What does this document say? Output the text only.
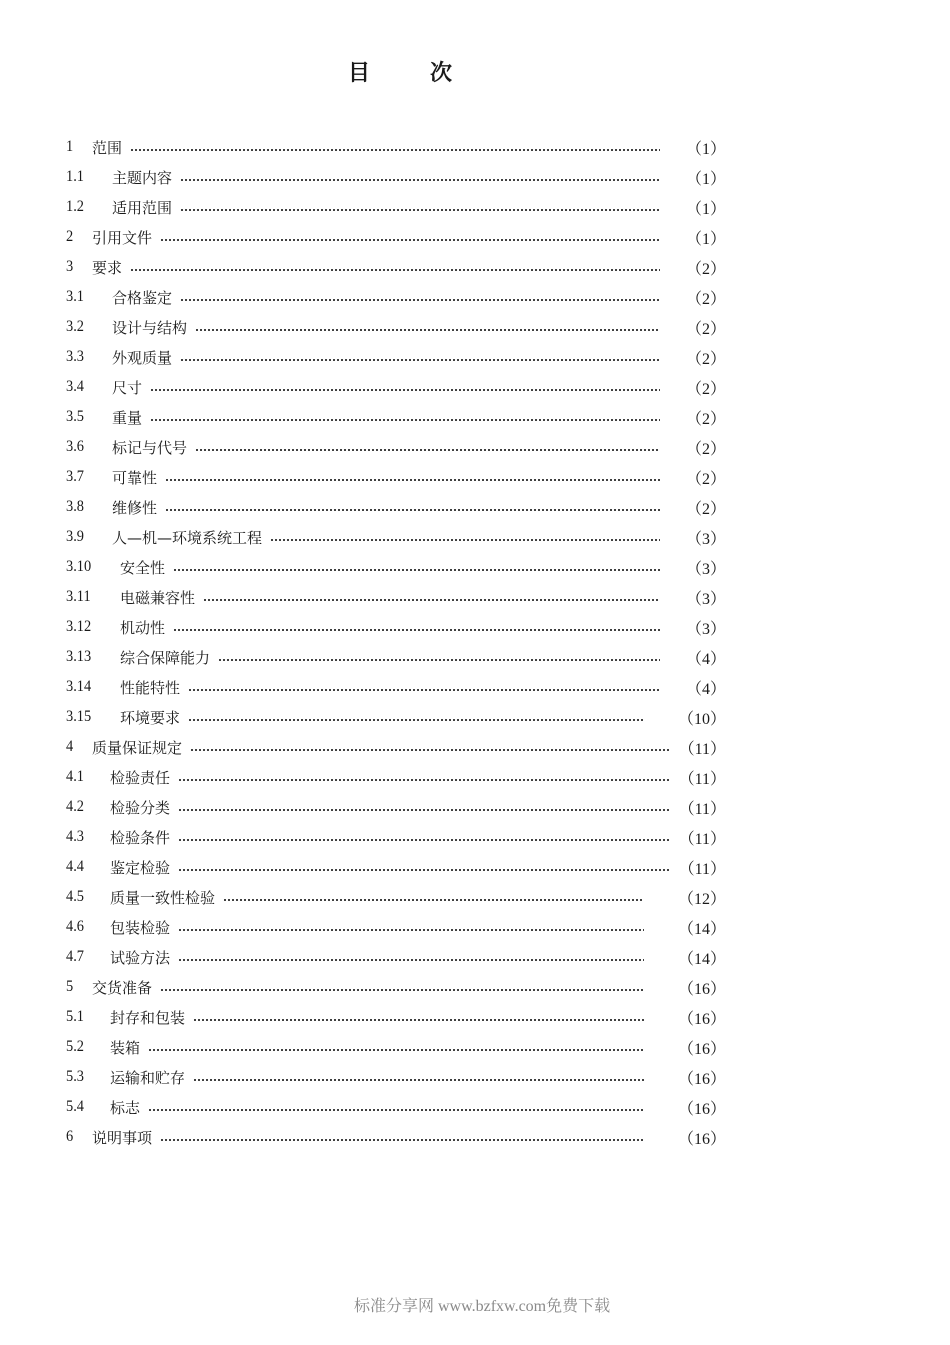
目次
1	范围	（1）
1.1	主题内容	（1）
1.2	适用范围	（1）
2	引用文件	（1）
3	要求	（2）
3.1	合格鉴定	（2）
3.2	设计与结构	（2）
3.3	外观质量	（2）
3.4	尺寸	（2）
3.5	重量	（2）
3.6	标记与代号	（2）
3.7	可靠性	（2）
3.8	维修性	（2）
3.9	人—机—环境系统工程	（3）
3.10	安全性	（3）
3.11	电磁兼容性	（3）
3.12	机动性	（3）
3.13	综合保障能力	（4）
3.14	性能特性	（4）
3.15	环境要求	（10）
4	质量保证规定	（11）
4.1	检验责任	（11）
4.2	检验分类	（11）
4.3	检验条件	（11）
4.4	鉴定检验	（11）
4.5	质量一致性检验	（12）
4.6	包装检验	（14）
4.7	试验方法	（14）
5	交货准备	（16）
5.1	封存和包装	（16）
5.2	装箱	（16）
5.3	运输和贮存	（16）
5.4	标志	（16）
6	说明事项	（16）
标准分享网 www.bzfxw.com免费下载
